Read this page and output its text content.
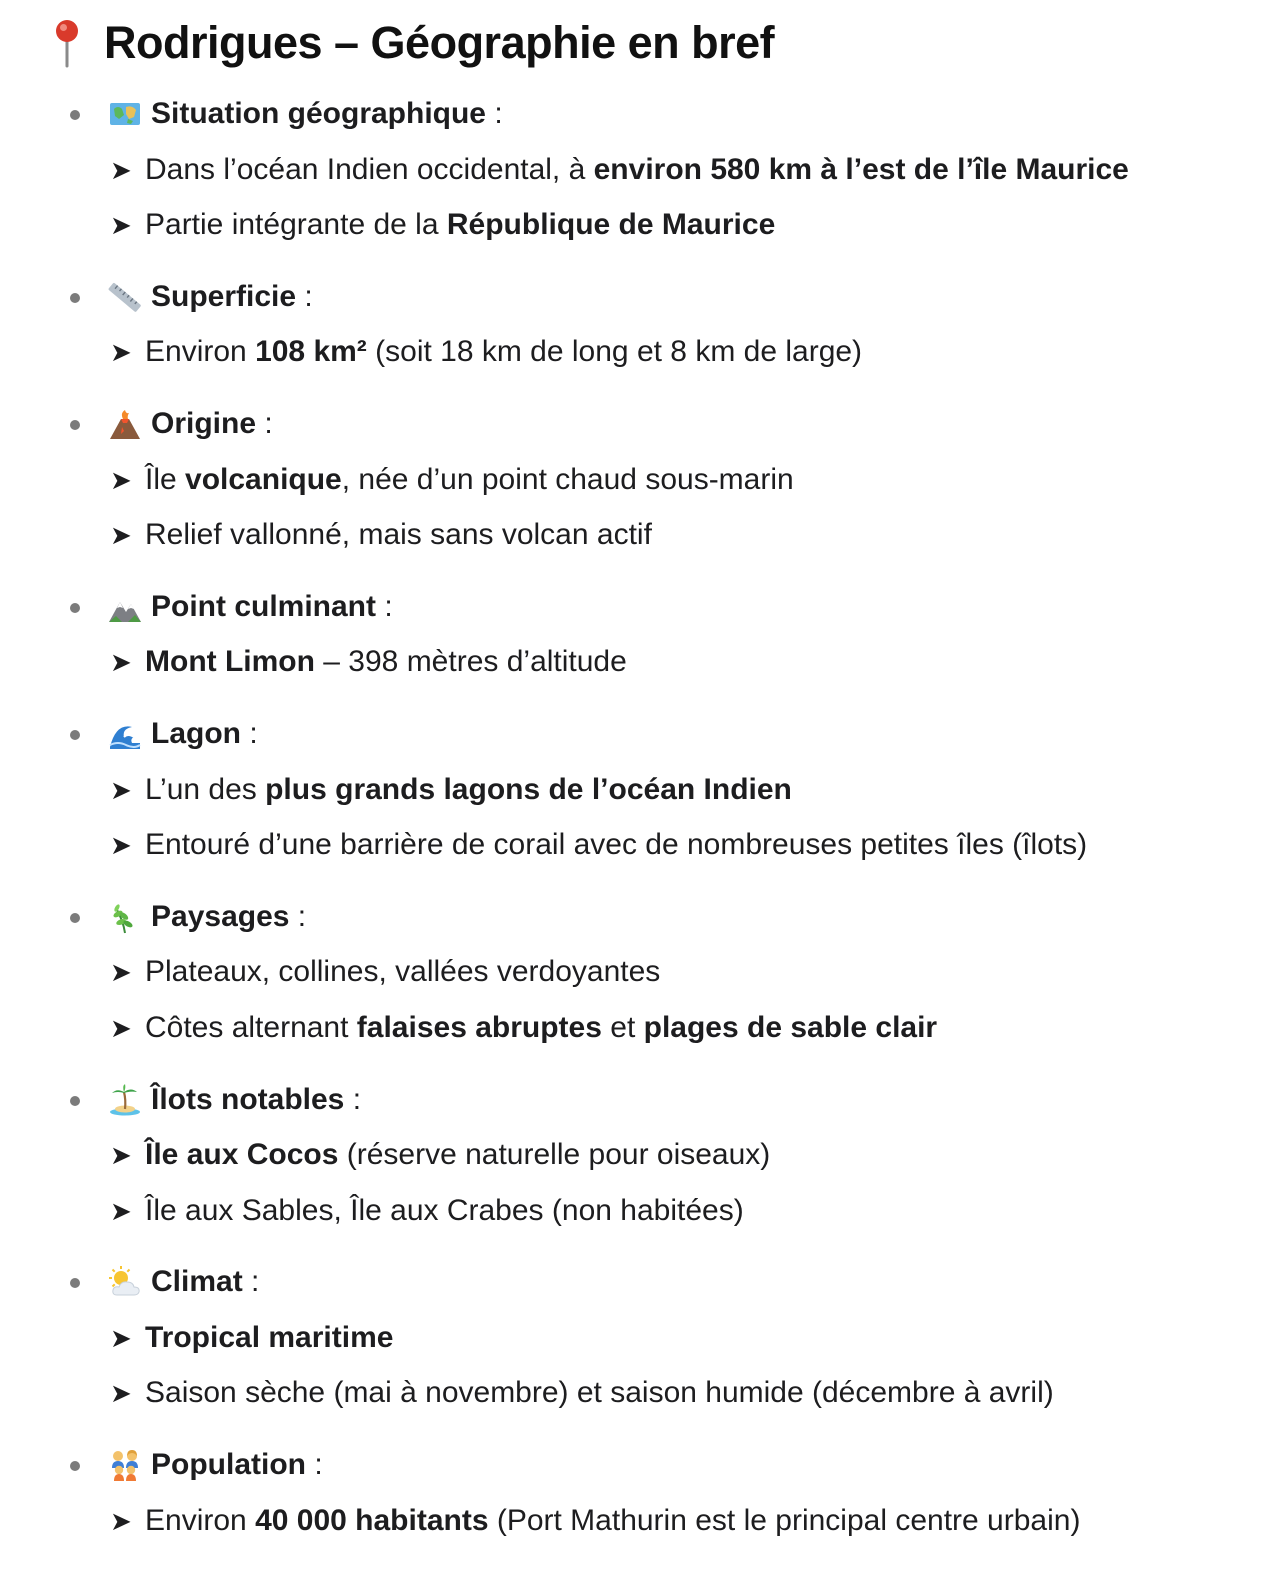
Rodrigues – Géographie en bref
Situation géographique :
➤ Dans l’océan Indien occidental, à environ 580 km à l’est de l’île Maurice
➤ Partie intégrante de la République de Maurice
Superficie :
➤ Environ 108 km² (soit 18 km de long et 8 km de large)
Origine :
➤ Île volcanique, née d’un point chaud sous-marin
➤ Relief vallonné, mais sans volcan actif
Point culminant :
➤ Mont Limon – 398 mètres d’altitude
Lagon :
➤ L’un des plus grands lagons de l’océan Indien
➤ Entouré d’une barrière de corail avec de nombreuses petites îles (îlots)
Paysages :
➤ Plateaux, collines, vallées verdoyantes
➤ Côtes alternant falaises abruptes et plages de sable clair
Îlots notables :
➤ Île aux Cocos (réserve naturelle pour oiseaux)
➤ Île aux Sables, Île aux Crabes (non habitées)
Climat :
➤ Tropical maritime
➤ Saison sèche (mai à novembre) et saison humide (décembre à avril)
Population :
➤ Environ 40 000 habitants (Port Mathurin est le principal centre urbain)
